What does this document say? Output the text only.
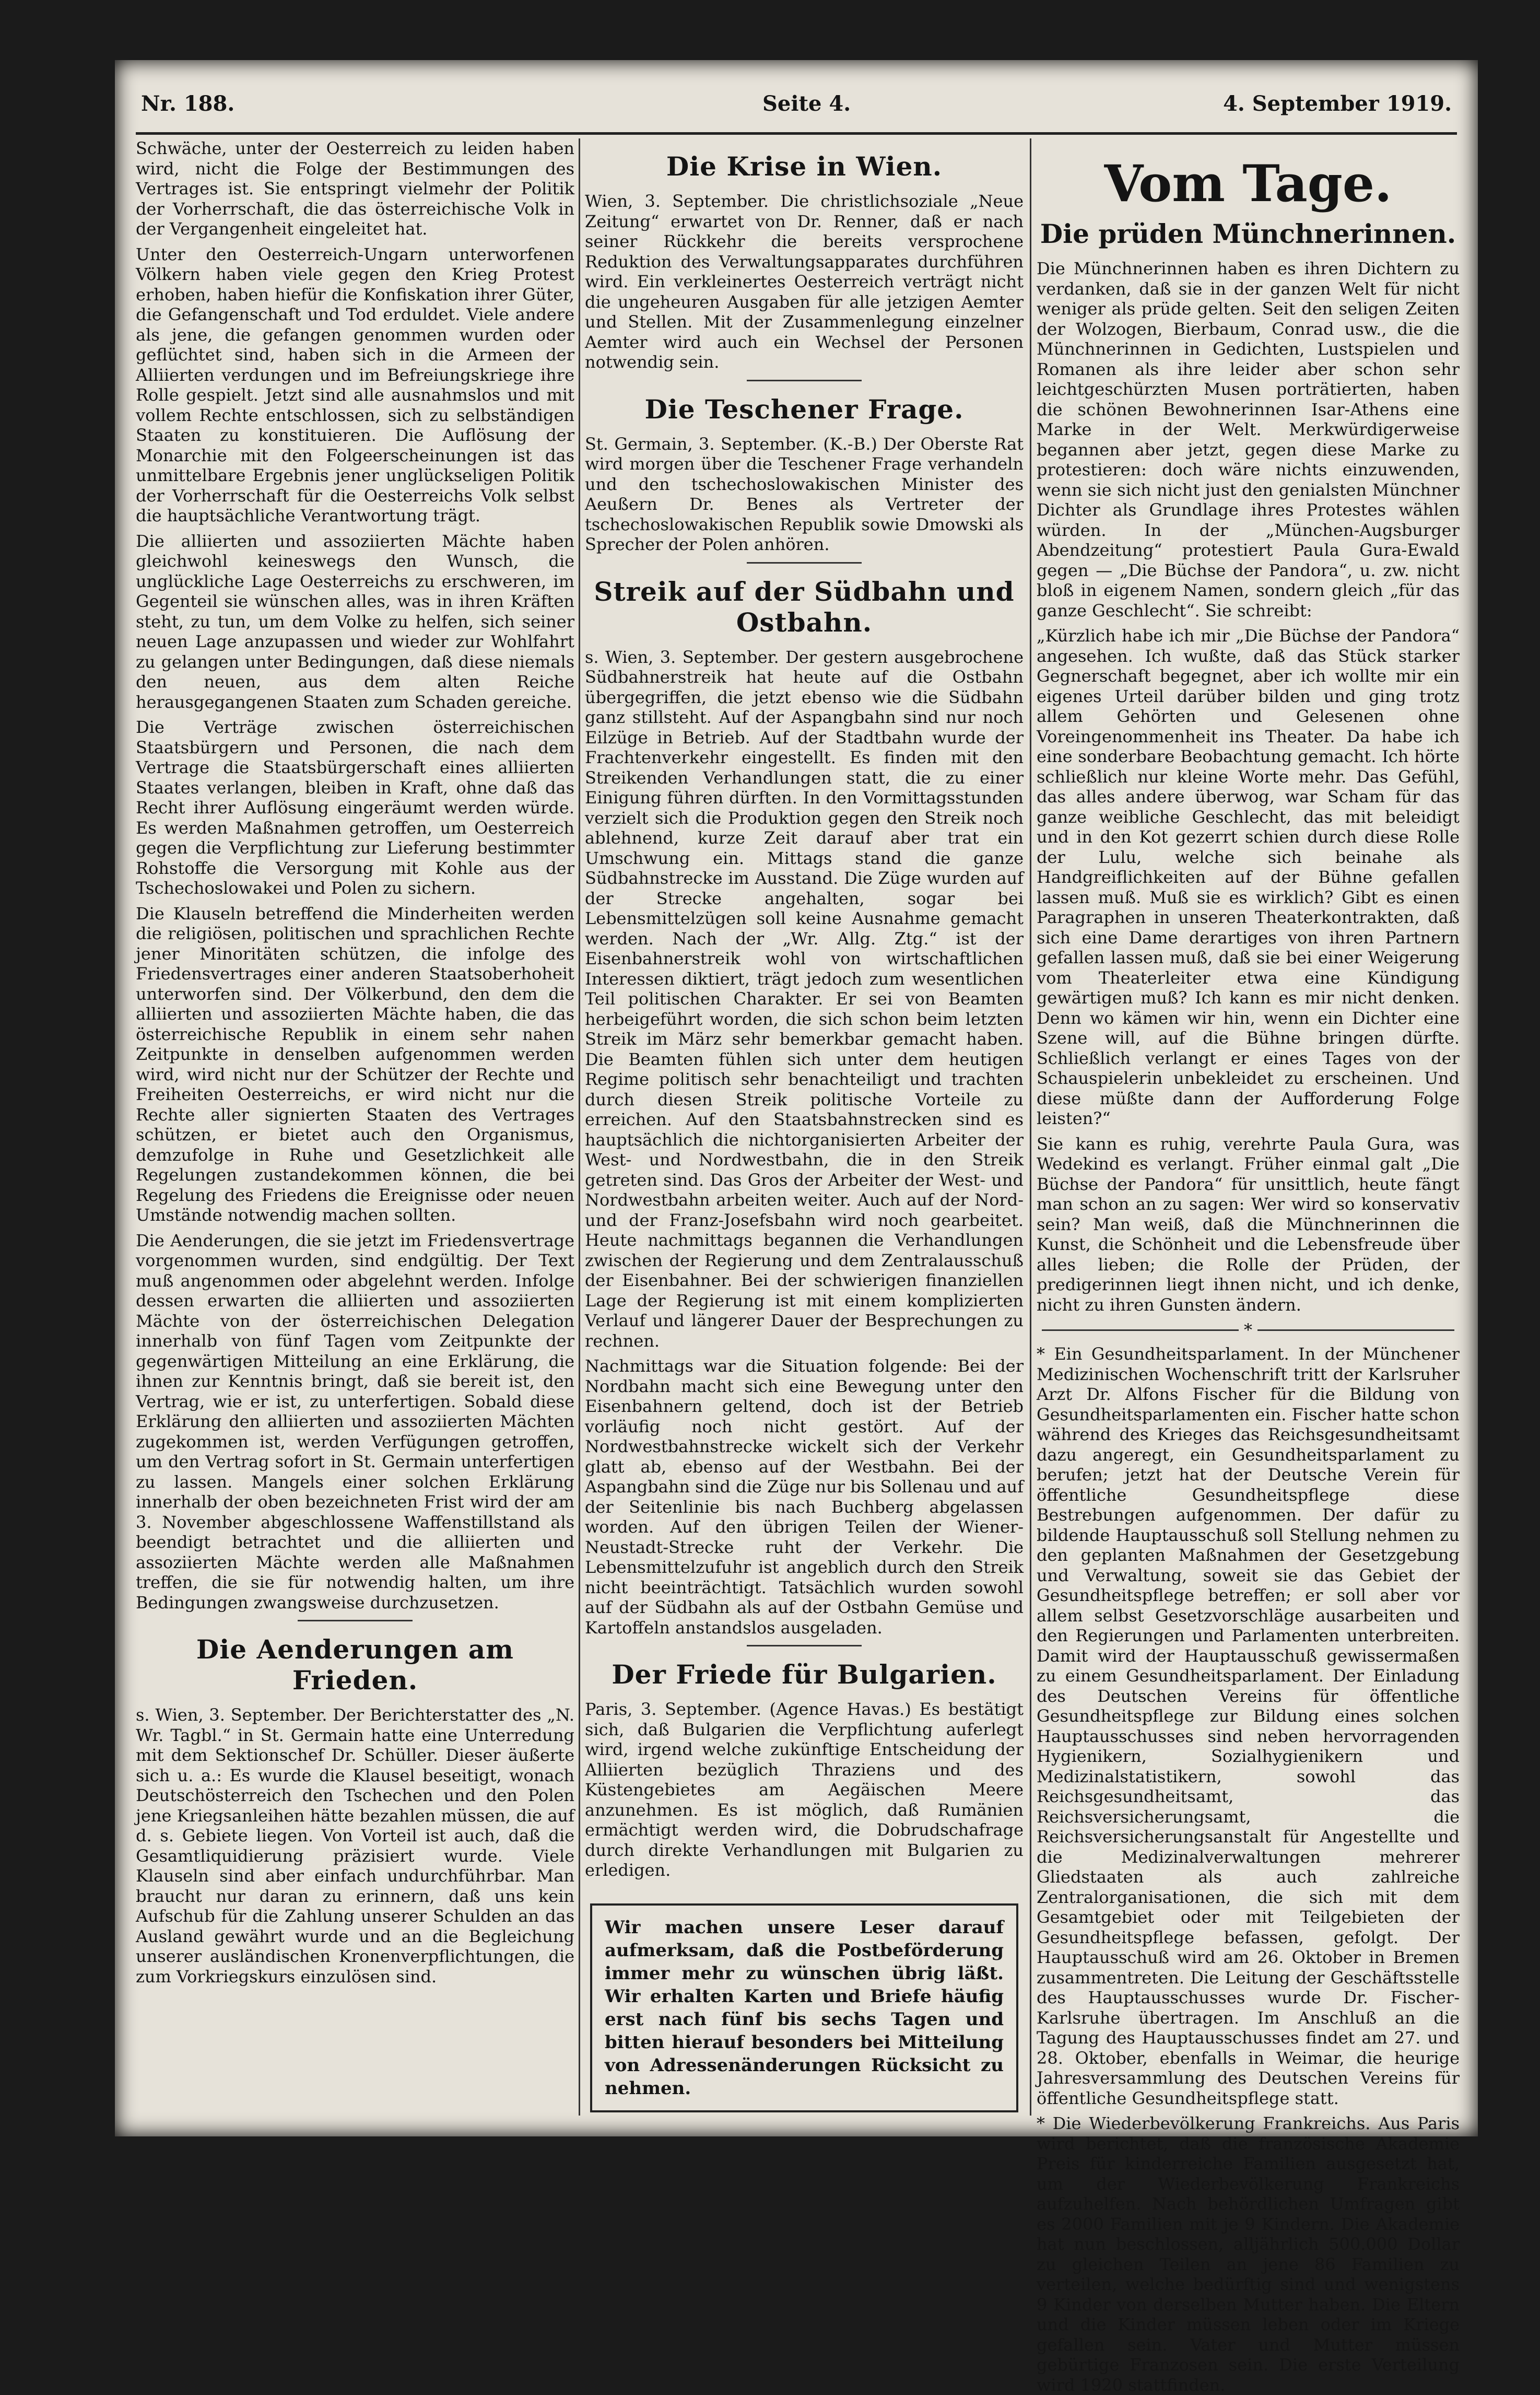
Nr. 188.	Seite 4.	4. September 1919.

Schwäche, unter der Oesterreich zu leiden haben wird, nicht die Folge der Bestimmungen des Vertrages ist. Sie entspringt vielmehr der Politik der Vorherrschaft, die das österreichische Volk in der Vergangenheit eingeleitet hat.

Unter den Oesterreich-Ungarn unterworfenen Völkern haben viele gegen den Krieg Protest erhoben, haben hiefür die Konfiskation ihrer Güter, die Gefangenschaft und Tod erduldet. Viele andere als jene, die gefangen genommen wurden oder geflüchtet sind, haben sich in die Armeen der Alliierten verdungen und im Befreiungskriege ihre Rolle gespielt. Jetzt sind alle ausnahmslos und mit vollem Rechte entschlossen, sich zu selbständigen Staaten zu konstituieren. Die Auflösung der Monarchie mit den Folgeerscheinungen ist das unmittelbare Ergebnis jener unglückseligen Politik der Vorherrschaft für die Oesterreichs Volk selbst die hauptsächliche Verantwortung trägt.

Die alliierten und assoziierten Mächte haben gleichwohl keineswegs den Wunsch, die unglückliche Lage Oesterreichs zu erschweren, im Gegenteil sie wünschen alles, was in ihren Kräften steht, zu tun, um dem Volke zu helfen, sich seiner neuen Lage anzupassen und wieder zur Wohlfahrt zu gelangen unter Bedingungen, daß diese niemals den neuen, aus dem alten Reiche herausgegangenen Staaten zum Schaden gereiche.

Die Verträge zwischen österreichischen Staatsbürgern und Personen, die nach dem Vertrage die Staatsbürgerschaft eines alliierten Staates verlangen, bleiben in Kraft, ohne daß das Recht ihrer Auflösung eingeräumt werden würde. Es werden Maßnahmen getroffen, um Oesterreich gegen die Verpflichtung zur Lieferung bestimmter Rohstoffe die Versorgung mit Kohle aus der Tschechoslowakei und Polen zu sichern.

Die Klauseln betreffend die Minderheiten werden die religiösen, politischen und sprachlichen Rechte jener Minoritäten schützen, die infolge des Friedensvertrages einer anderen Staatsoberhoheit unterworfen sind. Der Völkerbund, den dem die alliierten und assoziierten Mächte haben, die das österreichische Republik in einem sehr nahen Zeitpunkte in denselben aufgenommen werden wird, wird nicht nur der Schützer der Rechte und Freiheiten Oesterreichs, er wird nicht nur die Rechte aller signierten Staaten des Vertrages schützen, er bietet auch den Organismus, demzufolge in Ruhe und Gesetzlichkeit alle Regelungen zustandekommen können, die bei Regelung des Friedens die Ereignisse oder neuen Umstände notwendig machen sollten.

Die Aenderungen, die sie jetzt im Friedensvertrage vorgenommen wurden, sind endgültig. Der Text muß angenommen oder abgelehnt werden. Infolge dessen erwarten die alliierten und assoziierten Mächte von der österreichischen Delegation innerhalb von fünf Tagen vom Zeitpunkte der gegenwärtigen Mitteilung an eine Erklärung, die ihnen zur Kenntnis bringt, daß sie bereit ist, den Vertrag, wie er ist, zu unterfertigen. Sobald diese Erklärung den alliierten und assoziierten Mächten zugekommen ist, werden Verfügungen getroffen, um den Vertrag sofort in St. Germain unterfertigen zu lassen. Mangels einer solchen Erklärung innerhalb der oben bezeichneten Frist wird der am 3. November abgeschlossene Waffenstillstand als beendigt betrachtet und die alliierten und assoziierten Mächte werden alle Maßnahmen treffen, die sie für notwendig halten, um ihre Bedingungen zwangsweise durchzusetzen.

Die Aenderungen am Frieden.

s. Wien, 3. September. Der Berichterstatter des „N. Wr. Tagbl.“ in St. Germain hatte eine Unterredung mit dem Sektionschef Dr. Schüller. Dieser äußerte sich u. a.: Es wurde die Klausel beseitigt, wonach Deutschösterreich den Tschechen und den Polen jene Kriegsanleihen hätte bezahlen müssen, die auf d. s. Gebiete liegen. Von Vorteil ist auch, daß die Gesamtliquidierung präzisiert wurde. Viele Klauseln sind aber einfach undurchführbar. Man braucht nur daran zu erinnern, daß uns kein Aufschub für die Zahlung unserer Schulden an das Ausland gewährt wurde und an die Begleichung unserer ausländischen Kronenverpflichtungen, die zum Vorkriegskurs einzulösen sind.

Die Krise in Wien.

Wien, 3. September. Die christlichsoziale „Neue Zeitung“ erwartet von Dr. Renner, daß er nach seiner Rückkehr die bereits versprochene Reduktion des Verwaltungsapparates durchführen wird. Ein verkleinertes Oesterreich verträgt nicht die ungeheuren Ausgaben für alle jetzigen Aemter und Stellen. Mit der Zusammenlegung einzelner Aemter wird auch ein Wechsel der Personen notwendig sein.

Die Teschener Frage.

St. Germain, 3. September. (K.-B.) Der Oberste Rat wird morgen über die Teschener Frage verhandeln und den tschechoslowakischen Minister des Aeußern Dr. Benes als Vertreter der tschechoslowakischen Republik sowie Dmowski als Sprecher der Polen anhören.

Streik auf der Südbahn und Ostbahn.

s. Wien, 3. September. Der gestern ausgebrochene Südbahnerstreik hat heute auf die Ostbahn übergegriffen, die jetzt ebenso wie die Südbahn ganz stillsteht. Auf der Aspangbahn sind nur noch Eilzüge in Betrieb. Auf der Stadtbahn wurde der Frachtenverkehr eingestellt. Es finden mit den Streikenden Verhandlungen statt, die zu einer Einigung führen dürften. In den Vormittagsstunden verzielt sich die Produktion gegen den Streik noch ablehnend, kurze Zeit darauf aber trat ein Umschwung ein. Mittags stand die ganze Südbahnstrecke im Ausstand. Die Züge wurden auf der Strecke angehalten, sogar bei Lebensmittelzügen soll keine Ausnahme gemacht werden. Nach der „Wr. Allg. Ztg.“ ist der Eisenbahnerstreik wohl von wirtschaftlichen Interessen diktiert, trägt jedoch zum wesentlichen Teil politischen Charakter. Er sei von Beamten herbeigeführt worden, die sich schon beim letzten Streik im März sehr bemerkbar gemacht haben. Die Beamten fühlen sich unter dem heutigen Regime politisch sehr benachteiligt und trachten durch diesen Streik politische Vorteile zu erreichen. Auf den Staatsbahnstrecken sind es hauptsächlich die nichtorganisierten Arbeiter der West- und Nordwestbahn, die in den Streik getreten sind. Das Gros der Arbeiter der West- und Nordwestbahn arbeiten weiter. Auch auf der Nord- und der Franz-Josefsbahn wird noch gearbeitet. Heute nachmittags begannen die Verhandlungen zwischen der Regierung und dem Zentralausschuß der Eisenbahner. Bei der schwierigen finanziellen Lage der Regierung ist mit einem komplizierten Verlauf und längerer Dauer der Besprechungen zu rechnen.

Nachmittags war die Situation folgende: Bei der Nordbahn macht sich eine Bewegung unter den Eisenbahnern geltend, doch ist der Betrieb vorläufig noch nicht gestört. Auf der Nordwestbahnstrecke wickelt sich der Verkehr glatt ab, ebenso auf der Westbahn. Bei der Aspangbahn sind die Züge nur bis Sollenau und auf der Seitenlinie bis nach Buchberg abgelassen worden. Auf den übrigen Teilen der Wiener-Neustadt-Strecke ruht der Verkehr. Die Lebensmittelzufuhr ist angeblich durch den Streik nicht beeinträchtigt. Tatsächlich wurden sowohl auf der Südbahn als auf der Ostbahn Gemüse und Kartoffeln anstandslos ausgeladen.

Der Friede für Bulgarien.

Paris, 3. September. (Agence Havas.) Es bestätigt sich, daß Bulgarien die Verpflichtung auferlegt wird, irgend welche zukünftige Entscheidung der Alliierten bezüglich Thraziens und des Küstengebietes am Aegäischen Meere anzunehmen. Es ist möglich, daß Rumänien ermächtigt werden wird, die Dobrudschafrage durch direkte Verhandlungen mit Bulgarien zu erledigen.

Wir machen unsere Leser darauf aufmerksam, daß die Postbeförderung immer mehr zu wünschen übrig läßt. Wir erhalten Karten und Briefe häufig erst nach fünf bis sechs Tagen und bitten hierauf besonders bei Mitteilung von Adressenänderungen Rücksicht zu nehmen.
Vom Tage.
Die prüden Münchnerinnen.

Die Münchnerinnen haben es ihren Dichtern zu verdanken, daß sie in der ganzen Welt für nicht weniger als prüde gelten. Seit den seligen Zeiten der Wolzogen, Bierbaum, Conrad usw., die die Münchnerinnen in Gedichten, Lustspielen und Romanen als ihre leider aber schon sehr leichtgeschürzten Musen porträtierten, haben die schönen Bewohnerinnen Isar-Athens eine Marke in der Welt. Merkwürdigerweise begannen aber jetzt, gegen diese Marke zu protestieren: doch wäre nichts einzuwenden, wenn sie sich nicht just den genialsten Münchner Dichter als Grundlage ihres Protestes wählen würden. In der „München-Augsburger Abendzeitung“ protestiert Paula Gura-Ewald gegen — „Die Büchse der Pandora“, u. zw. nicht bloß in eigenem Namen, sondern gleich „für das ganze Geschlecht“. Sie schreibt:

„Kürzlich habe ich mir „Die Büchse der Pandora“ angesehen. Ich wußte, daß das Stück starker Gegnerschaft begegnet, aber ich wollte mir ein eigenes Urteil darüber bilden und ging trotz allem Gehörten und Gelesenen ohne Voreingenommenheit ins Theater. Da habe ich eine sonderbare Beobachtung gemacht. Ich hörte schließlich nur kleine Worte mehr. Das Gefühl, das alles andere überwog, war Scham für das ganze weibliche Geschlecht, das mit beleidigt und in den Kot gezerrt schien durch diese Rolle der Lulu, welche sich beinahe als Handgreiflichkeiten auf der Bühne gefallen lassen muß. Muß sie es wirklich? Gibt es einen Paragraphen in unseren Theaterkontrakten, daß sich eine Dame derartiges von ihren Partnern gefallen lassen muß, daß sie bei einer Weigerung vom Theaterleiter etwa eine Kündigung gewärtigen muß? Ich kann es mir nicht denken. Denn wo kämen wir hin, wenn ein Dichter eine Szene will, auf die Bühne bringen dürfte. Schließlich verlangt er eines Tages von der Schauspielerin unbekleidet zu erscheinen. Und diese müßte dann der Aufforderung Folge leisten?“

Sie kann es ruhig, verehrte Paula Gura, was Wedekind es verlangt. Früher einmal galt „Die Büchse der Pandora“ für unsittlich, heute fängt man schon an zu sagen: Wer wird so konservativ sein? Man weiß, daß die Münchnerinnen die Kunst, die Schönheit und die Lebensfreude über alles lieben; die Rolle der Prüden, der predigerinnen liegt ihnen nicht, und ich denke, nicht zu ihren Gunsten ändern.

*

* Ein Gesundheitsparlament. In der Münchener Medizinischen Wochenschrift tritt der Karlsruher Arzt Dr. Alfons Fischer für die Bildung von Gesundheitsparlamenten ein. Fischer hatte schon während des Krieges das Reichsgesundheitsamt dazu angeregt, ein Gesundheitsparlament zu berufen; jetzt hat der Deutsche Verein für öffentliche Gesundheitspflege diese Bestrebungen aufgenommen. Der dafür zu bildende Hauptausschuß soll Stellung nehmen zu den geplanten Maßnahmen der Gesetzgebung und Verwaltung, soweit sie das Gebiet der Gesundheitspflege betreffen; er soll aber vor allem selbst Gesetzvorschläge ausarbeiten und den Regierungen und Parlamenten unterbreiten. Damit wird der Hauptausschuß gewissermaßen zu einem Gesundheitsparlament. Der Einladung des Deutschen Vereins für öffentliche Gesundheitspflege zur Bildung eines solchen Hauptausschusses sind neben hervorragenden Hygienikern, Sozialhygienikern und Medizinalstatistikern, sowohl das Reichsgesundheitsamt, das Reichsversicherungsamt, die Reichsversicherungsanstalt für Angestellte und die Medizinalverwaltungen mehrerer Gliedstaaten als auch zahlreiche Zentralorganisationen, die sich mit dem Gesamtgebiet oder mit Teilgebieten der Gesundheitspflege befassen, gefolgt. Der Hauptausschuß wird am 26. Oktober in Bremen zusammentreten. Die Leitung der Geschäftsstelle des Hauptausschusses wurde Dr. Fischer-Karlsruhe übertragen. Im Anschluß an die Tagung des Hauptausschusses findet am 27. und 28. Oktober, ebenfalls in Weimar, die heurige Jahresversammlung des Deutschen Vereins für öffentliche Gesundheitspflege statt.

* Die Wiederbevölkerung Frankreichs. Aus Paris wird berichtet, daß die französische Akademie Preis für kinderreiche Familien ausgesetzt hat, um der Wiederbevölkerung Frankreichs aufzuhelfen. Nach behördlichen Umfragen gibt es 2000 Familien mit je 9 Kindern. Die Akademie hat nun beschlossen, alljährlich 500.000 Dollar zu gleichen Teilen an jene 86 Familien zu verteilen, welche bedürftig sind und wenigstens 9 Kinder von derselben Mutter haben. Die Eltern und die Kinder müssen leben oder im Kriege gefallen sein. Vater und Mutter müssen gebürtige Franzosen sein. Die erste Verteilung wird 1920 stattfinden.
